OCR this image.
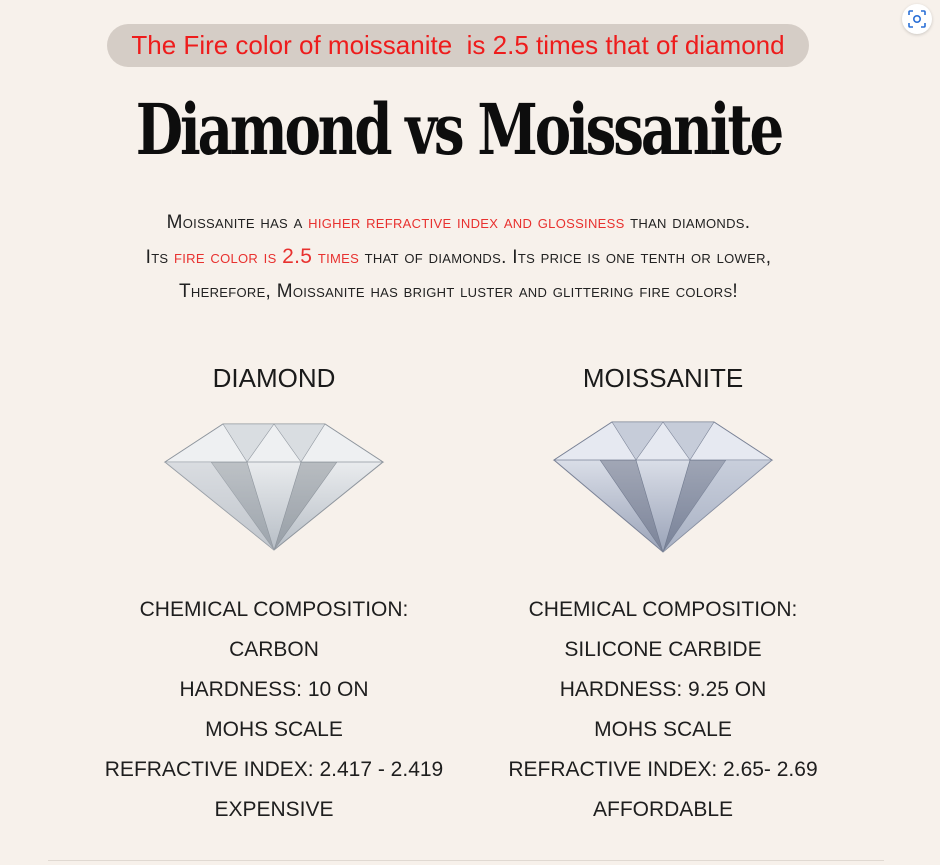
The Fire color of moissanite  is 2.5 times that of diamond
Diamond vs Moissanite
Moissanite has a higher refractive index and glossiness than diamonds.
Its fire color is 2.5 times that of diamonds. Its price is one tenth or lower,
Therefore, Moissanite has bright luster and glittering fire colors!
DIAMOND
CHEMICAL COMPOSITION:
CARBON
HARDNESS: 10 ON
MOHS SCALE
REFRACTIVE INDEX: 2.417 - 2.419
EXPENSIVE
MOISSANITE
CHEMICAL COMPOSITION:
SILICONE CARBIDE
HARDNESS: 9.25 ON
MOHS SCALE
REFRACTIVE INDEX: 2.65- 2.69
AFFORDABLE
